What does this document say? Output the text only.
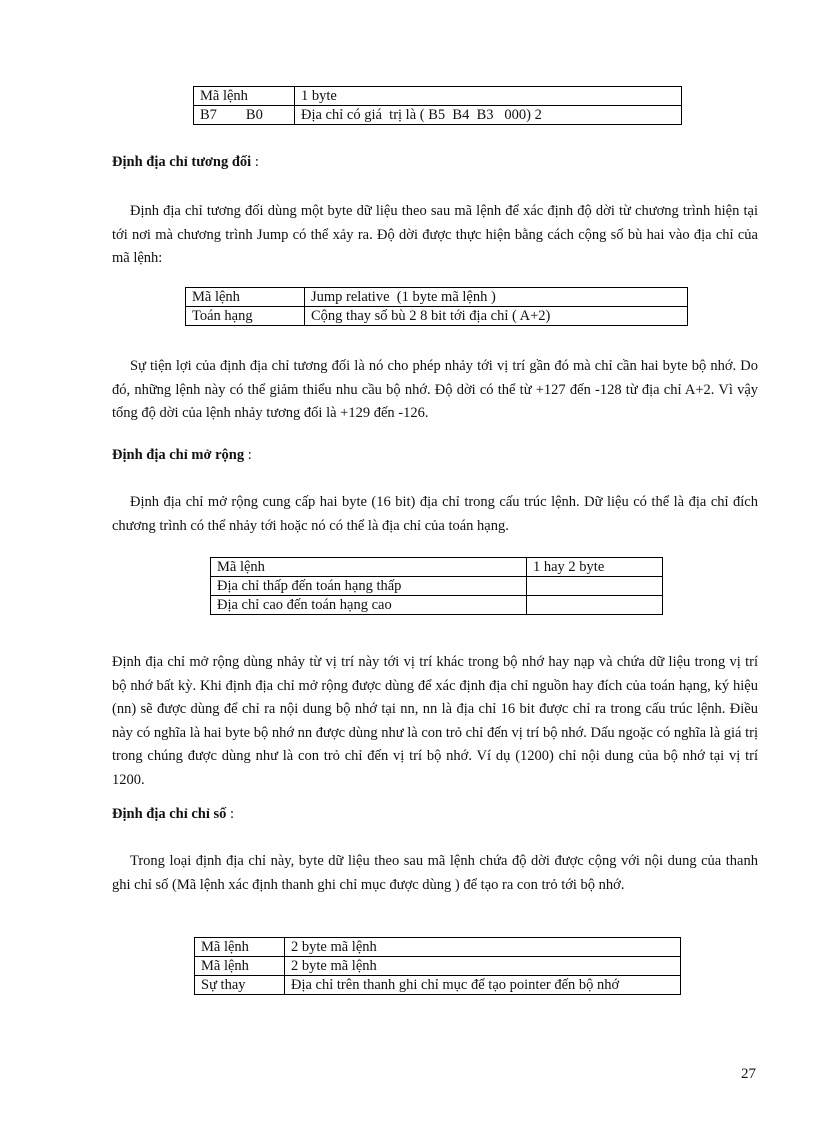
Mã lệnh	1 byte
B7        B0	Địa chỉ có giá  trị là ( B5  B4  B3   000) 2
Định địa chỉ tương đối :
Định địa chỉ tương đối dùng một byte dữ liệu theo sau mã lệnh để xác định độ dời từ chương trình hiện tại tới nơi mà chương trình Jump có thể xảy ra. Độ dời được thực hiện bằng cách cộng số bù hai vào địa chỉ của mã lệnh:
Mã lệnh	Jump relative  (1 byte mã lệnh )
Toán hạng	Cộng thay số bù 2 8 bit tới địa chỉ ( A+2)
Sự tiện lợi của định địa chỉ tương đối là nó cho phép nhảy tới vị trí gần đó mà chỉ cần hai byte bộ nhớ. Do đó, những lệnh này có thể giảm thiểu nhu cầu bộ nhớ. Độ dời có thể từ +127 đến -128 từ địa chỉ A+2. Vì vậy tổng độ dời của lệnh nhảy tương đối là +129 đến -126.
Định địa chỉ mở rộng :
Định địa chỉ mở rộng cung cấp hai byte (16 bit) địa chỉ trong cấu trúc lệnh. Dữ liệu có thể là địa chỉ đích chương trình có thể nhảy tới hoặc nó có thể là địa chỉ của toán hạng.
Mã lệnh	1 hay 2 byte
Địa chỉ thấp đến toán hạng thấp	
Địa chỉ cao đến toán hạng cao	
Định địa chỉ mở rộng dùng nhảy từ vị trí này tới vị trí khác trong bộ nhớ hay nạp và chứa dữ liệu trong vị trí bộ nhớ bất kỳ. Khi định địa chỉ mở rộng được dùng để xác định địa chỉ nguồn hay đích của toán hạng, ký hiệu (nn) sẽ được dùng để chỉ ra nội dung bộ nhớ tại nn, nn là địa chỉ 16 bit được chỉ ra trong cấu trúc lệnh. Điều này có nghĩa là hai byte bộ nhớ nn được dùng như là con trỏ chỉ đến vị trí bộ nhớ. Dấu ngoặc có nghĩa là giá trị trong chúng được dùng như là con trỏ chỉ đến vị trí bộ nhớ. Ví dụ (1200) chỉ nội dung của bộ nhớ tại vị trí 1200.
Định địa chỉ chỉ số :
Trong loại định địa chỉ này, byte dữ liệu theo sau mã lệnh chứa độ dời được cộng với nội dung của thanh ghi chỉ số (Mã lệnh xác định thanh ghi chỉ mục được dùng ) để tạo ra con trỏ tới bộ nhớ.
Mã lệnh	2 byte mã lệnh
Mã lệnh	2 byte mã lệnh
Sự thay	Địa chỉ trên thanh ghi chỉ mục để tạo pointer đến bộ nhớ
27
